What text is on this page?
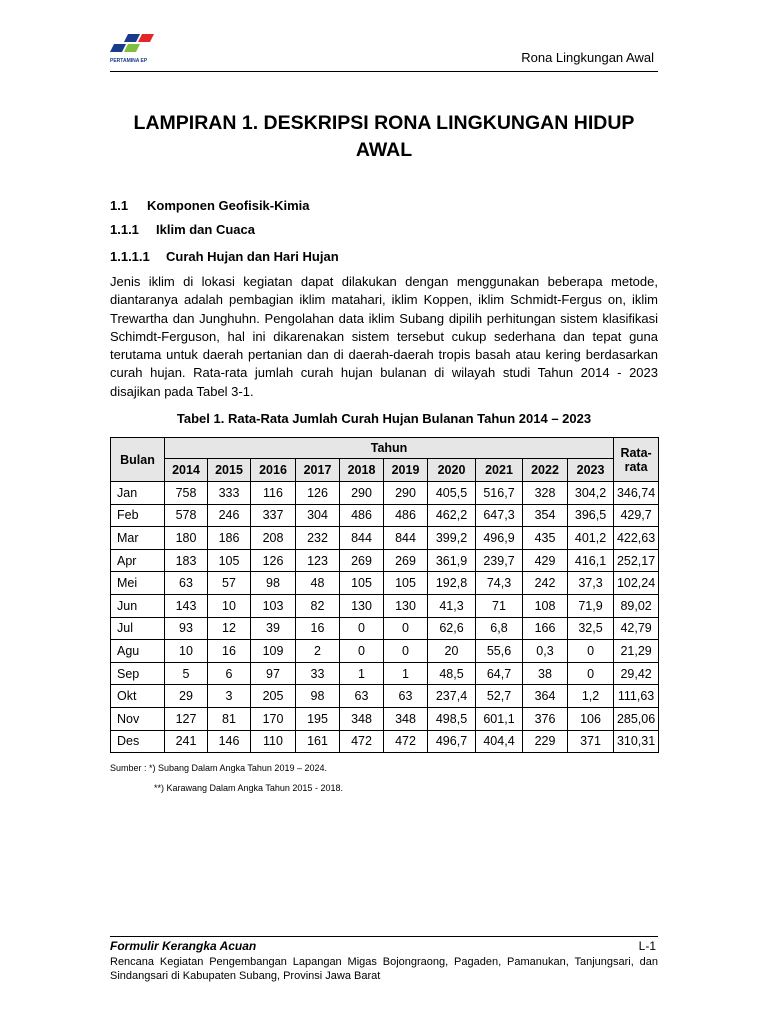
PERTAMINA EP	Rona Lingkungan Awal
LAMPIRAN 1. DESKRIPSI RONA LINGKUNGAN HIDUP AWAL
1.1 Komponen Geofisik-Kimia
1.1.1 Iklim dan Cuaca
1.1.1.1 Curah Hujan dan Hari Hujan

Jenis iklim di lokasi kegiatan dapat dilakukan dengan menggunakan beberapa metode, diantaranya adalah pembagian iklim matahari, iklim Koppen, iklim Schmidt-Fergus on, iklim Trewartha dan Junghuhn. Pengolahan data iklim Subang dipilih perhitungan sistem klasifikasi Schimdt-Ferguson, hal ini dikarenakan sistem tersebut cukup sederhana dan tepat guna terutama untuk daerah pertanian dan di daerah-daerah tropis basah atau kering berdasarkan curah hujan. Rata-rata jumlah curah hujan bulanan di wilayah studi Tahun 2014 - 2023 disajikan pada Tabel 3-1.

Tabel 1. Rata-Rata Jumlah Curah Hujan Bulanan Tahun 2014 – 2023
Bulan	Tahun										Rata-rata
	2014	2015	2016	2017	2018	2019	2020	2021	2022	2023	
Jan	758	333	116	126	290	290	405,5	516,7	328	304,2	346,74
Feb	578	246	337	304	486	486	462,2	647,3	354	396,5	429,7
Mar	180	186	208	232	844	844	399,2	496,9	435	401,2	422,63
Apr	183	105	126	123	269	269	361,9	239,7	429	416,1	252,17
Mei	63	57	98	48	105	105	192,8	74,3	242	37,3	102,24
Jun	143	10	103	82	130	130	41,3	71	108	71,9	89,02
Jul	93	12	39	16	0	0	62,6	6,8	166	32,5	42,79
Agu	10	16	109	2	0	0	20	55,6	0,3	0	21,29
Sep	5	6	97	33	1	1	48,5	64,7	38	0	29,42
Okt	29	3	205	98	63	63	237,4	52,7	364	1,2	111,63
Nov	127	81	170	195	348	348	498,5	601,1	376	106	285,06
Des	241	146	110	161	472	472	496,7	404,4	229	371	310,31
Sumber : *) Subang Dalam Angka Tahun 2019 – 2024.
**) Karawang Dalam Angka Tahun 2015 - 2018.
Formulir Kerangka Acuan	L-1

Rencana Kegiatan Pengembangan Lapangan Migas Bojongraong, Pagaden, Pamanukan, Tanjungsari, dan Sindangsari di Kabupaten Subang, Provinsi Jawa Barat
